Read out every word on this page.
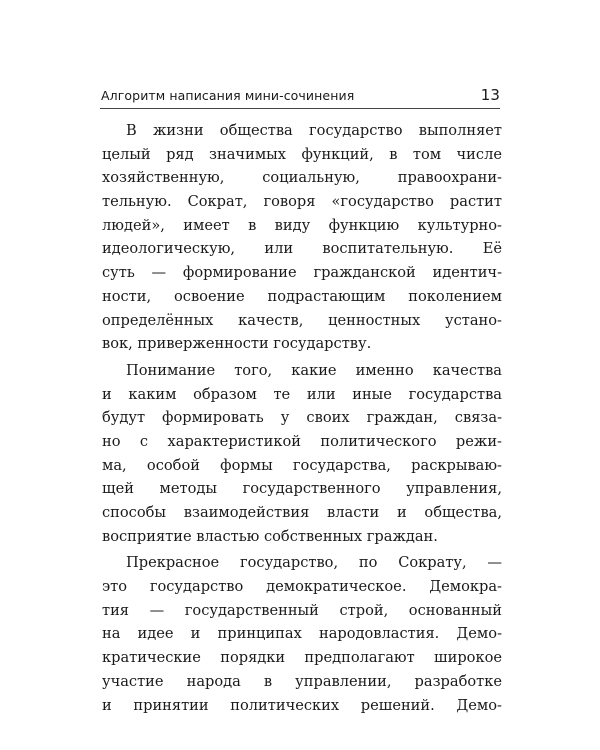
Алгоритм написания мини-сочинения	13
В жизни общества государство выполняет
целый ряд значимых функций, в том числе
хозяйственную, социальную, правоохрани-
тельную. Сократ, говоря «государство растит
людей», имеет в виду функцию культурно-
идеологическую, или воспитательную. Её
суть — формирование гражданской идентич-
ности, освоение подрастающим поколением
определённых качеств, ценностных устано-
вок, приверженности государству.
Понимание того, какие именно качества
и каким образом те или иные государства
будут формировать у своих граждан, связа-
но с характеристикой политического режи-
ма, особой формы государства, раскрываю-
щей методы государственного управления,
способы взаимодействия власти и общества,
восприятие властью собственных граждан.
Прекрасное государство, по Сократу, —
это государство демократическое. Демокра-
тия — государственный строй, основанный
на идее и принципах народовластия. Демо-
кратические порядки предполагают широкое
участие народа в управлении, разработке
и принятии политических решений. Демо-
